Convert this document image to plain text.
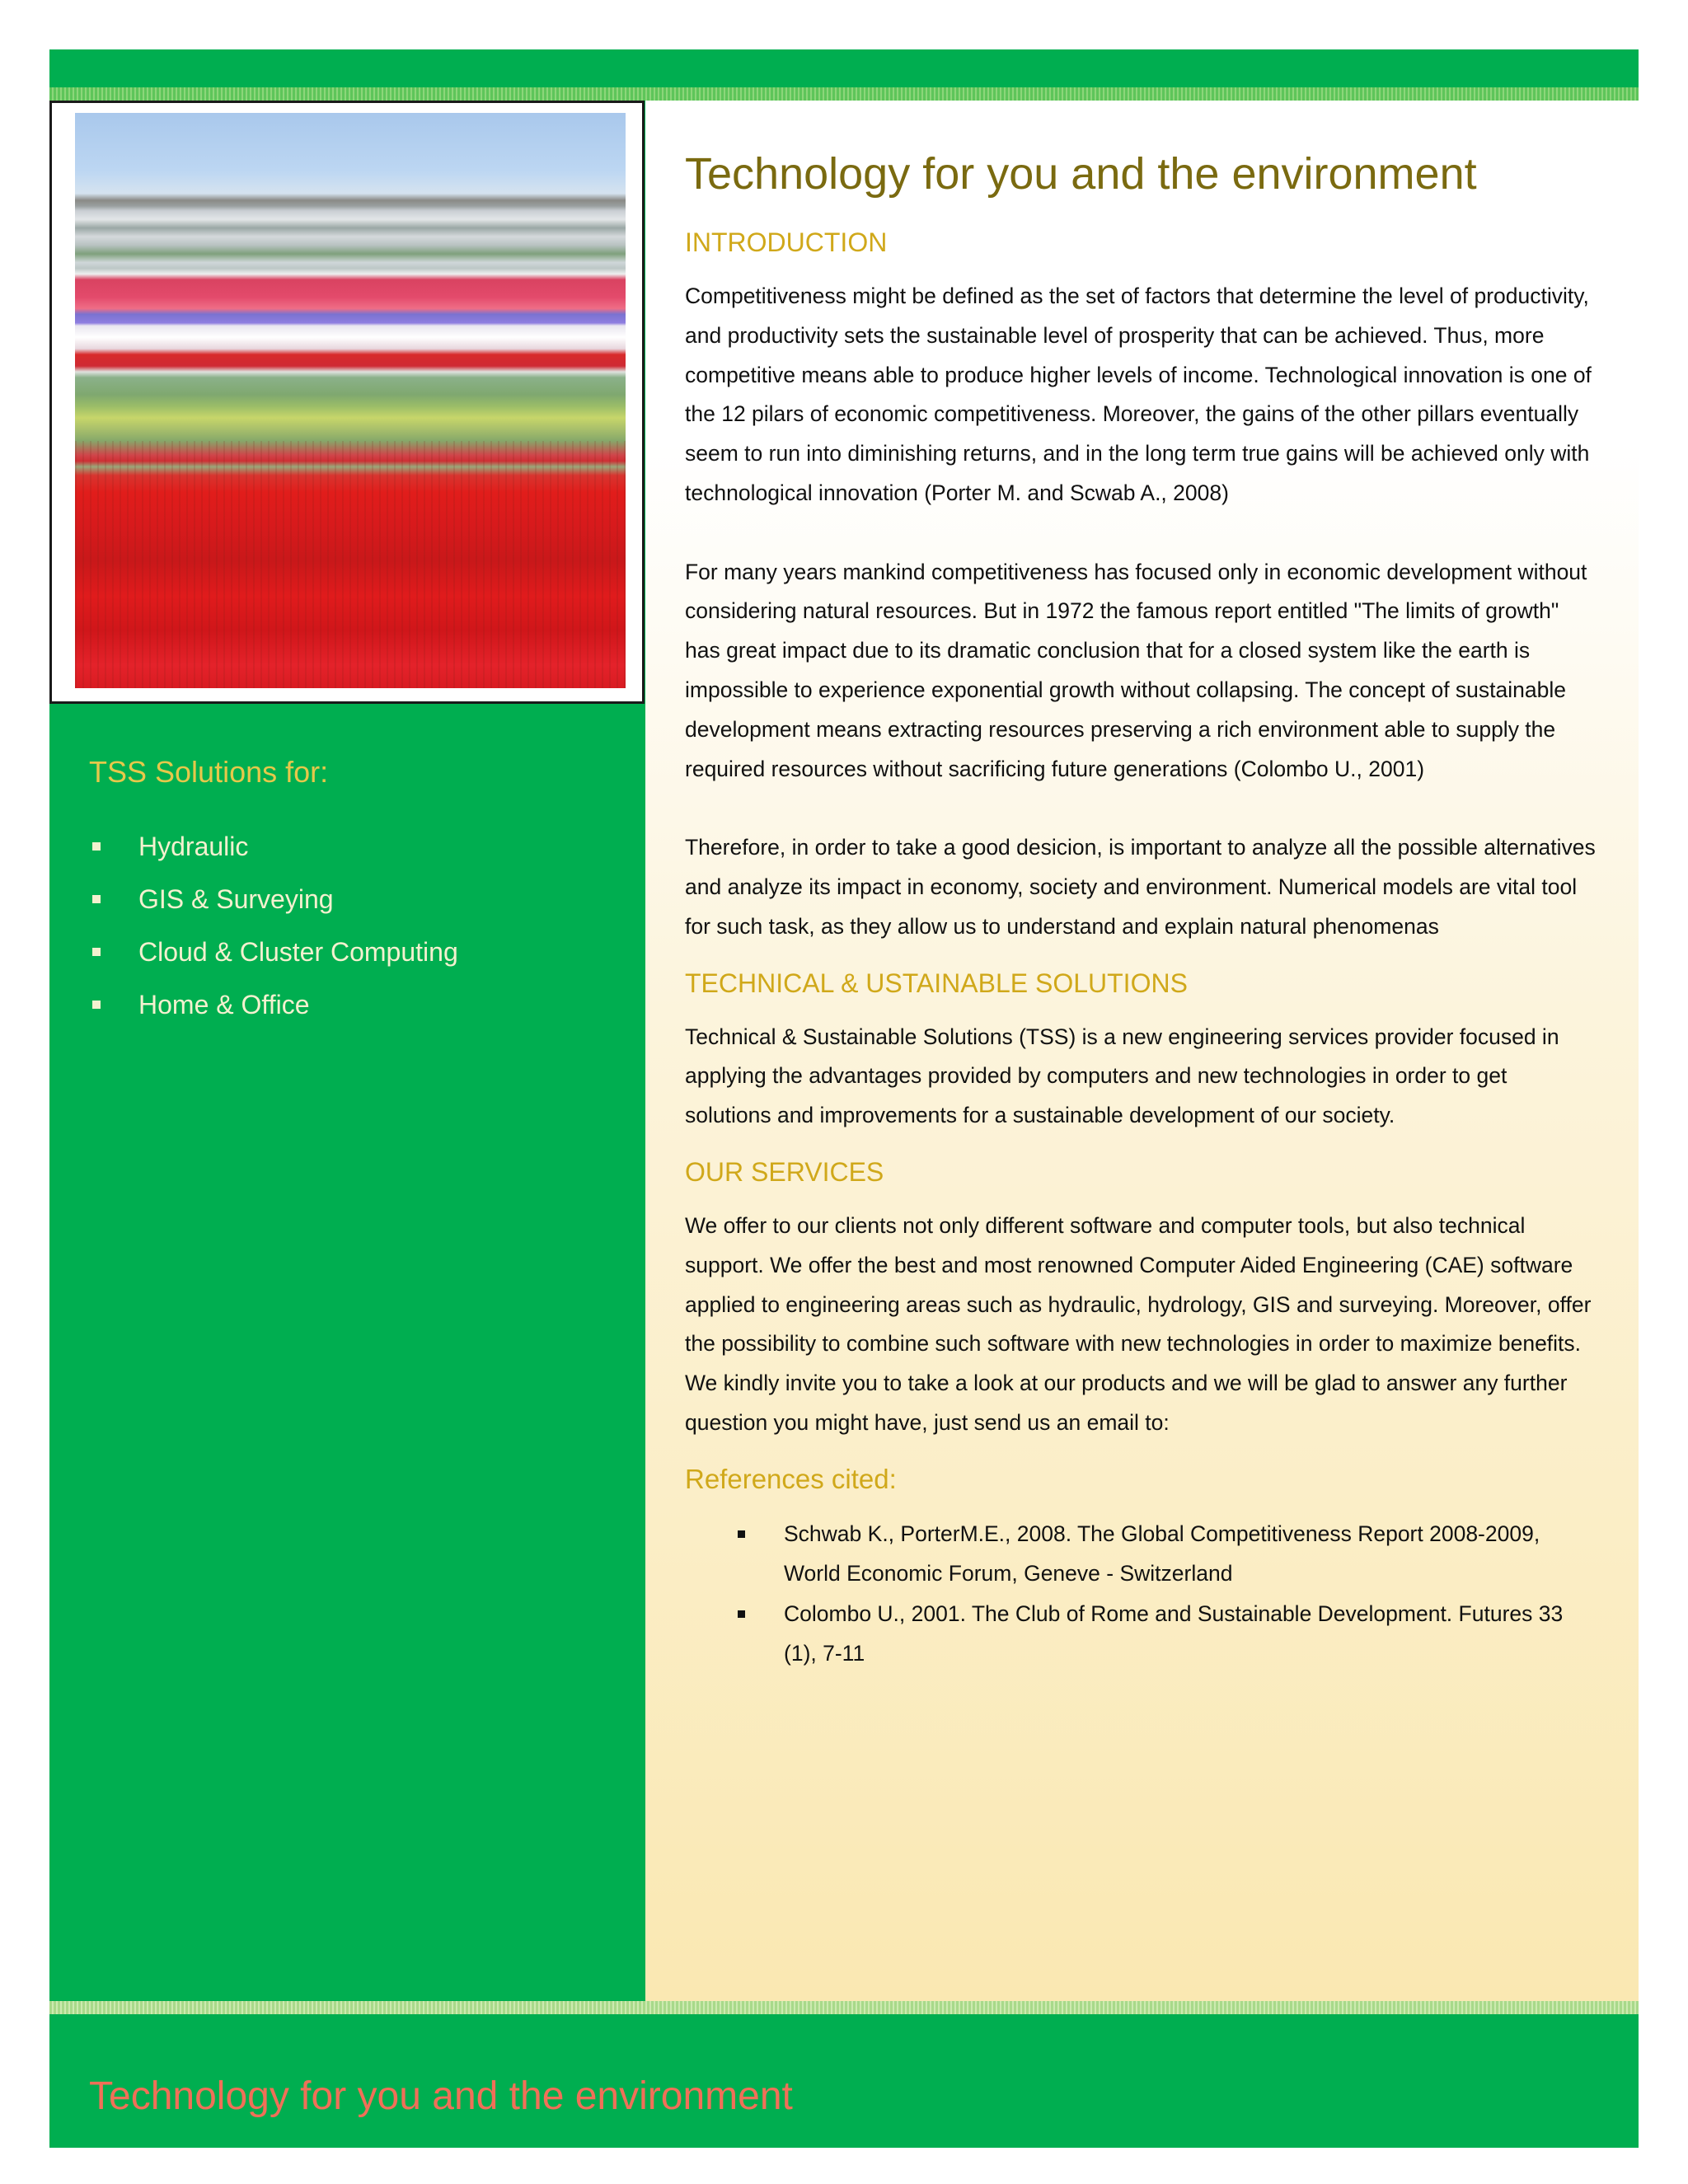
TSS Solutions for:
Hydraulic
GIS & Surveying
Cloud & Cluster Computing
Home & Office
Technology for you and the environment
INTRODUCTION

Competitiveness might be defined as the set of factors that determine the level of productivity, and productivity sets the sustainable level of prosperity that can be achieved. Thus, more competitive means able to produce higher levels of income. Technological innovation is one of the 12 pilars of economic competitiveness. Moreover, the gains of the other pillars eventually seem to run into diminishing returns, and in the long term true gains will be achieved only with technological innovation (Porter M. and Scwab A., 2008)

For many years mankind competitiveness has focused only in economic development without considering natural resources. But in 1972 the famous report entitled "The limits of growth" has great impact due to its dramatic conclusion that for a closed system like the earth is impossible to experience exponential growth without collapsing. The concept of sustainable development means extracting resources preserving a rich environment able to supply the required resources without sacrificing future generations (Colombo U., 2001)

Therefore, in order to take a good desicion, is important to analyze all the possible alternatives and analyze its impact in economy, society and environment. Numerical models are vital tool for such task, as they allow us to understand and explain natural phenomenas

TECHNICAL & USTAINABLE SOLUTIONS

Technical & Sustainable Solutions (TSS) is a new engineering services provider focused in applying the advantages provided by computers and new technologies in order to get solutions and improvements for a sustainable development of our society.

OUR SERVICES

We offer to our clients not only different software and computer tools, but also technical support. We offer the best and most renowned Computer Aided Engineering (CAE) software applied to engineering areas such as hydraulic, hydrology, GIS and surveying. Moreover, offer the possibility to combine such software with new technologies in order to maximize benefits. We kindly invite you to take a look at our products and we will be glad to answer any further question you might have, just send us an email to:

References cited:
Schwab K., PorterM.E., 2008. The Global Competitiveness Report 2008-2009, World Economic Forum, Geneve - Switzerland
Colombo U., 2001. The Club of Rome and Sustainable Development. Futures 33 (1), 7-11
Technology for you and the environment
